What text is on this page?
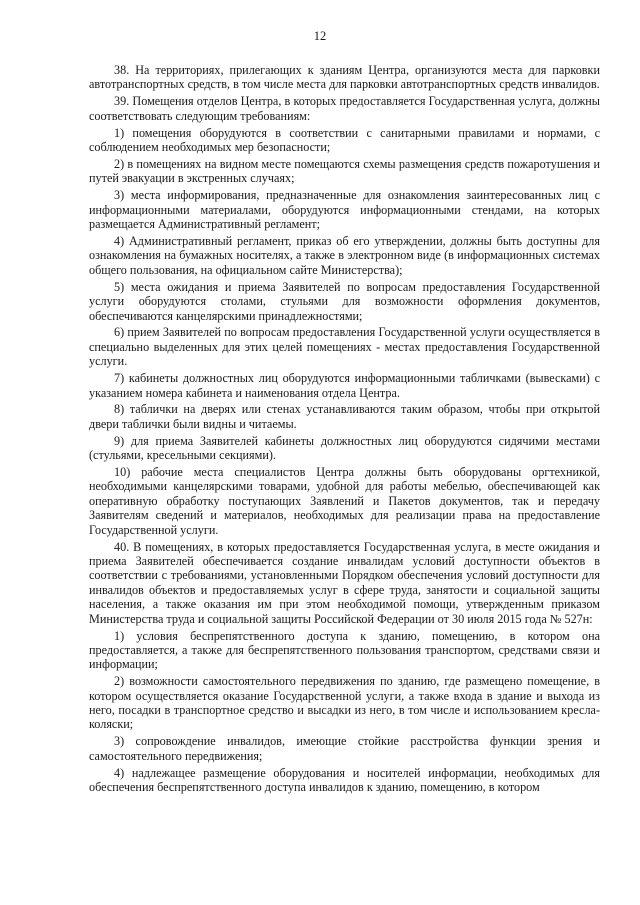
12

38. На территориях, прилегающих к зданиям Центра, организуются места для парковки автотранспортных средств, в том числе места для парковки автотранспортных средств инвалидов.

39. Помещения отделов Центра, в которых предоставляется Государственная услуга, должны соответствовать следующим требованиям:

1) помещения оборудуются в соответствии с санитарными правилами и нормами, с соблюдением необходимых мер безопасности;

2) в помещениях на видном месте помещаются схемы размещения средств пожаротушения и путей эвакуации в экстренных случаях;

3) места информирования, предназначенные для ознакомления заинтересованных лиц с информационными материалами, оборудуются информационными стендами, на которых размещается Административный регламент;

4) Административный регламент, приказ об его утверждении, должны быть доступны для ознакомления на бумажных носителях, а также в электронном виде (в информационных системах общего пользования, на официальном сайте Министерства);

5) места ожидания и приема Заявителей по вопросам предоставления Государственной услуги оборудуются столами, стульями для возможности оформления документов, обеспечиваются канцелярскими принадлежностями;

6) прием Заявителей по вопросам предоставления Государственной услуги осуществляется в специально выделенных для этих целей помещениях - местах предоставления Государственной услуги.

7) кабинеты должностных лиц оборудуются информационными табличками (вывесками) с указанием номера кабинета и наименования отдела Центра.

8) таблички на дверях или стенах устанавливаются таким образом, чтобы при открытой двери таблички были видны и читаемы.

9) для приема Заявителей кабинеты должностных лиц оборудуются сидячими местами (стульями, кресельными секциями).

10) рабочие места специалистов Центра должны быть оборудованы оргтехникой, необходимыми канцелярскими товарами, удобной для работы мебелью, обеспечивающей как оперативную обработку поступающих Заявлений и Пакетов документов, так и передачу Заявителям сведений и материалов, необходимых для реализации права на предоставление Государственной услуги.

40. В помещениях, в которых предоставляется Государственная услуга, в месте ожидания и приема Заявителей обеспечивается создание инвалидам условий доступности объектов в соответствии с требованиями, установленными Порядком обеспечения условий доступности для инвалидов объектов и предоставляемых услуг в сфере труда, занятости и социальной защиты населения, а также оказания им при этом необходимой помощи, утвержденным приказом Министерства труда и социальной защиты Российской Федерации от 30 июля 2015 года № 527н:

1) условия беспрепятственного доступа к зданию, помещению, в котором она предоставляется, а также для беспрепятственного пользования транспортом, средствами связи и информации;

2) возможности самостоятельного передвижения по зданию, где размещено помещение, в котором осуществляется оказание Государственной услуги, а также входа в здание и выхода из него, посадки в транспортное средство и высадки из него, в том числе и использованием кресла-коляски;

3) сопровождение инвалидов, имеющие стойкие расстройства функции зрения и самостоятельного передвижения;

4) надлежащее размещение оборудования и носителей информации, необходимых для обеспечения беспрепятственного доступа инвалидов к зданию, помещению, в котором
